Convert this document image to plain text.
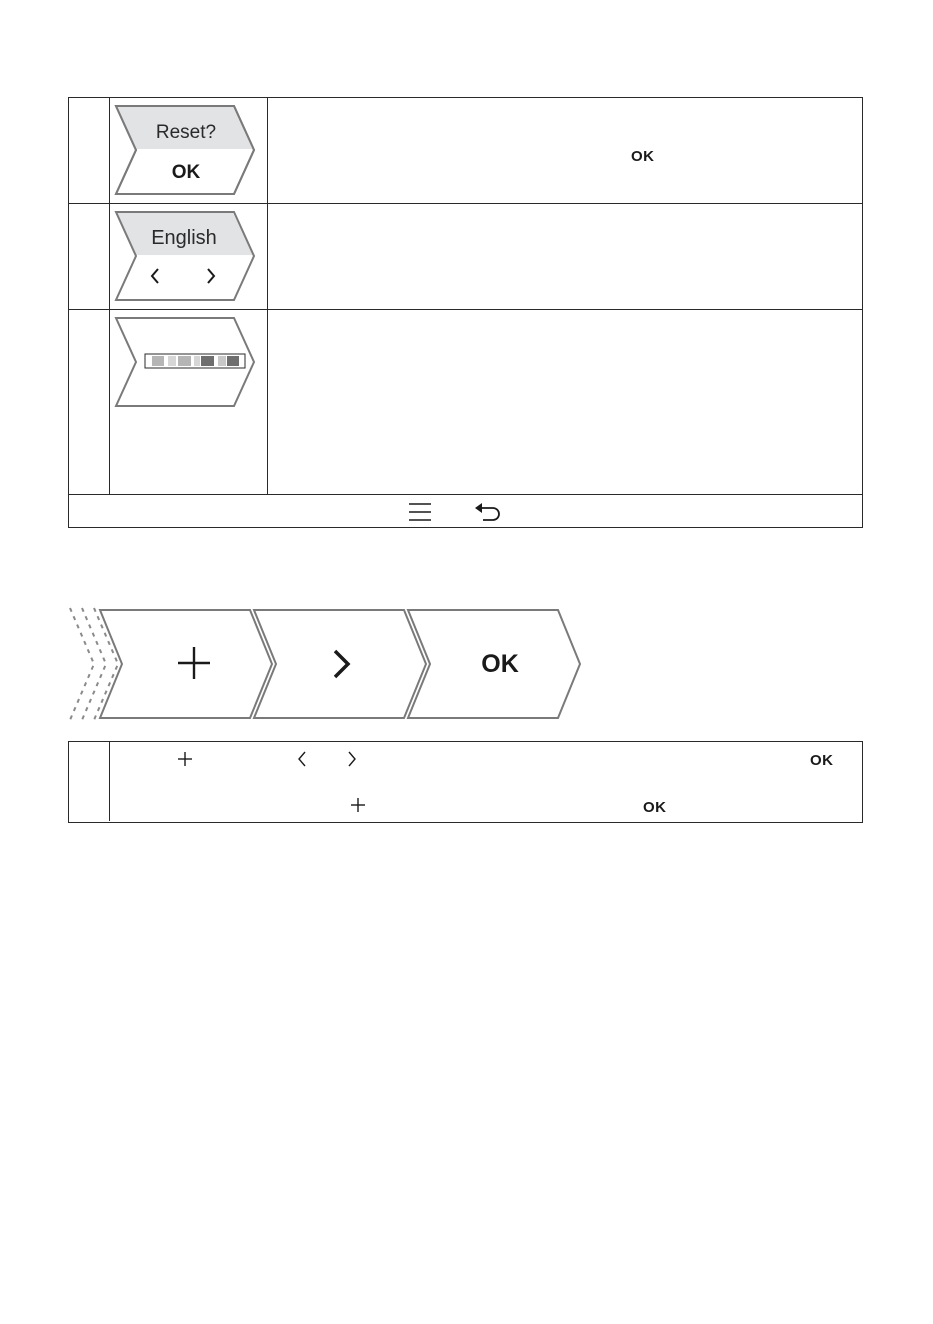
Reset?
OK
OK
English
OK
OK
OK
